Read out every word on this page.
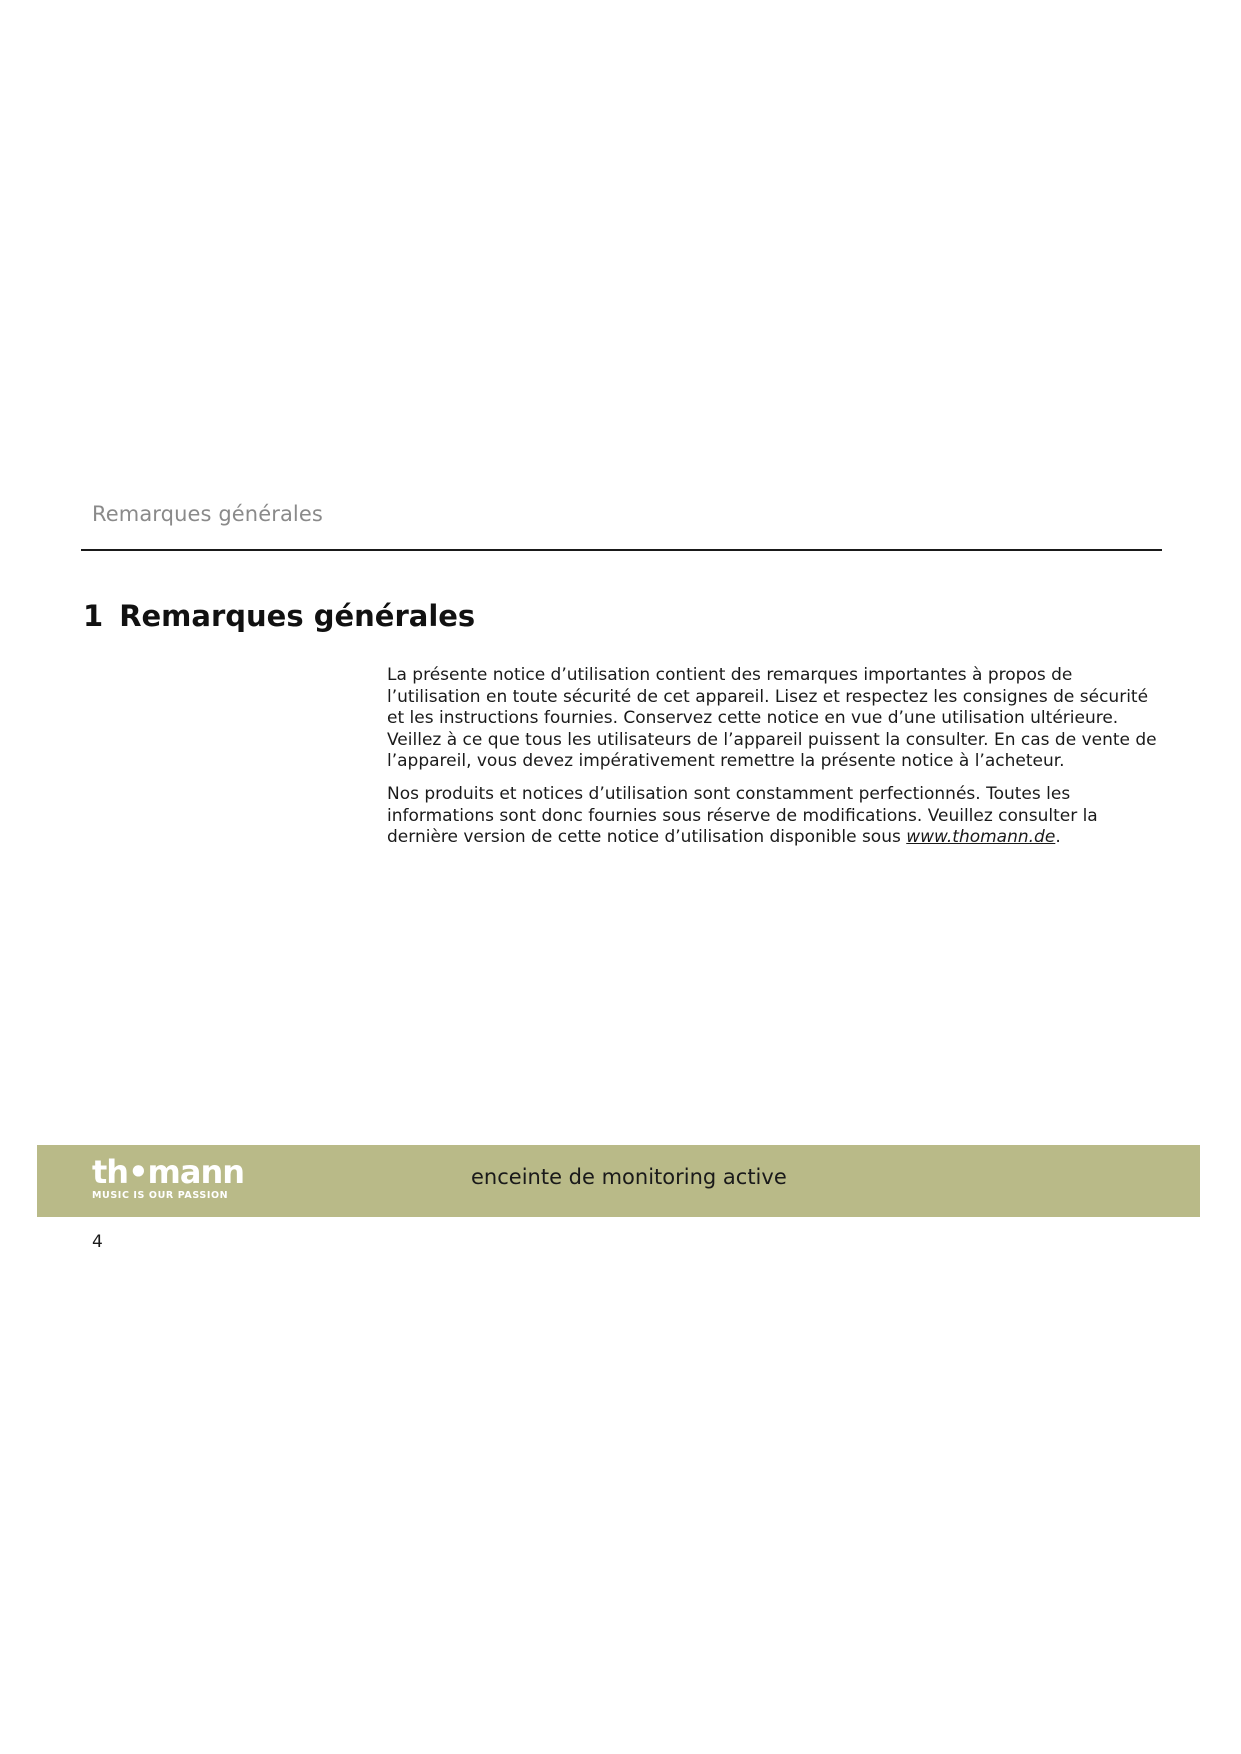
Remarques générales
1 Remarques générales

La présente notice d’utilisation contient des remarques importantes à propos de l’utilisation en toute sécurité de cet appareil. Lisez et respectez les consignes de sécurité et les instructions fournies. Conservez cette notice en vue d’une utilisation ultérieure. Veillez à ce que tous les utilisateurs de l’appareil puissent la consulter. En cas de vente de l’appareil, vous devez impérativement remettre la présente notice à l’acheteur.

Nos produits et notices d’utilisation sont constamment perfectionnés. Toutes les informations sont donc fournies sous réserve de modifications. Veuillez consulter la dernière version de cette notice d’utilisation disponible sous www.thomann.de.

th•mann
MUSIC IS OUR PASSION
enceinte de monitoring active
4
